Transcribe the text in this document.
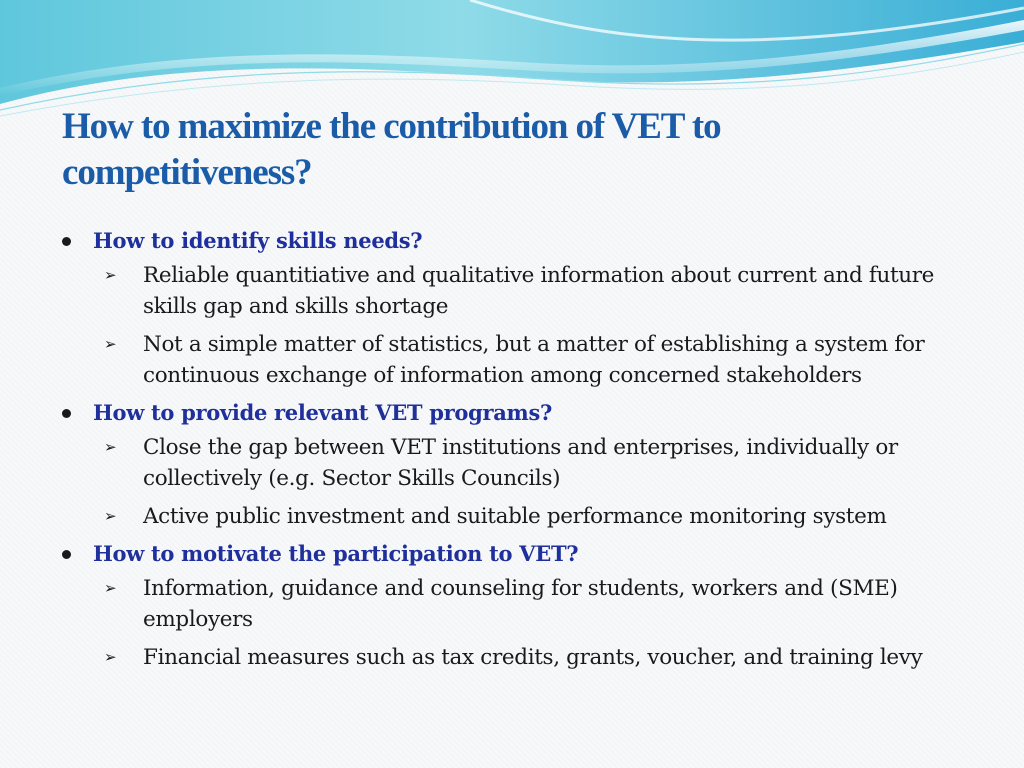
How to maximize the contribution of VET to competitiveness?
How to identify skills needs?
➢ Reliable quantitiative and qualitative information about current and future skills gap and skills shortage
➢ Not a simple matter of statistics, but a matter of establishing a system for continuous exchange of information among concerned stakeholders
How to provide relevant VET programs?
➢ Close the gap between VET institutions and enterprises, individually or collectively (e.g. Sector Skills Councils)
➢ Active public investment and suitable performance monitoring system
How to motivate the participation to VET?
➢ Information, guidance and counseling for students, workers and (SME) employers
➢ Financial measures such as tax credits, grants, voucher, and training levy
